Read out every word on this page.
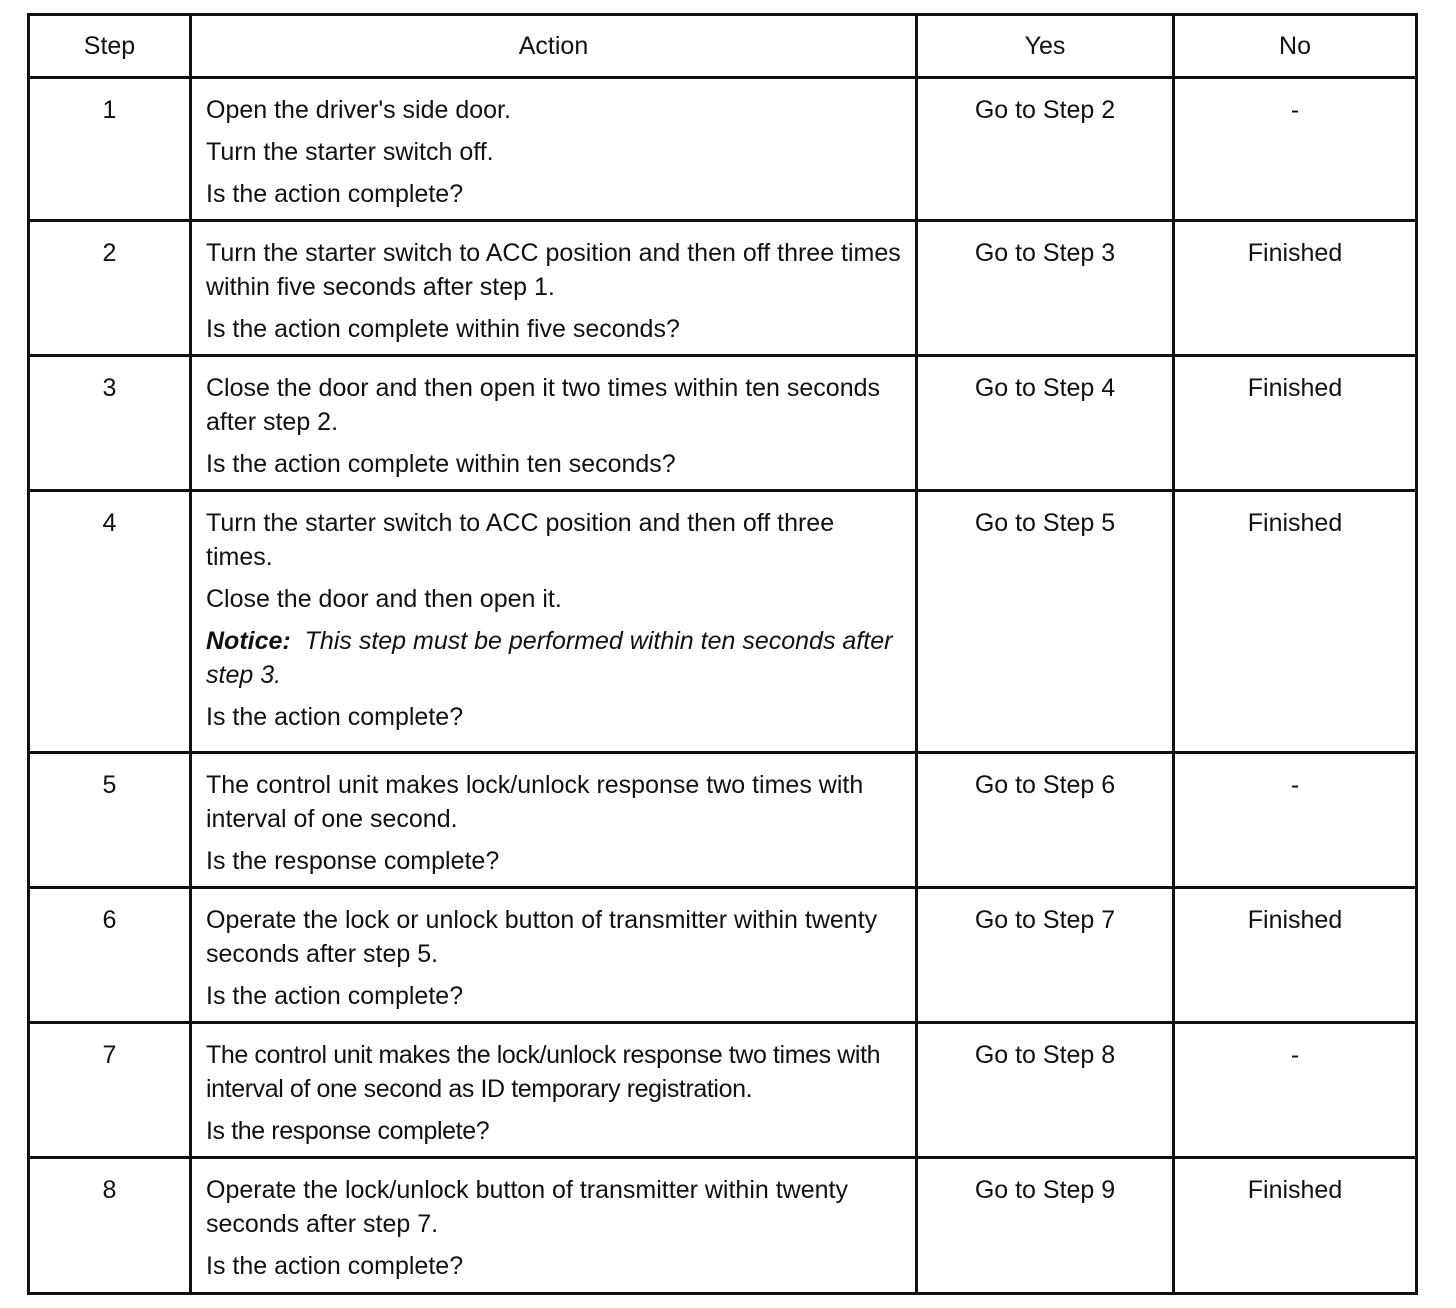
Step	Action	Yes	No
1	Open the driver's side door.
Turn the starter switch off.
Is the action complete?	Go to Step 2	-
2	Turn the starter switch to ACC position and then off three times within five seconds after step 1.
Is the action complete within five seconds?	Go to Step 3	Finished
3	Close the door and then open it two times within ten seconds after step 2.
Is the action complete within ten seconds?	Go to Step 4	Finished
4	Turn the starter switch to ACC position and then off three times.
Close the door and then open it.
Notice: This step must be performed within ten seconds after step 3.
Is the action complete?	Go to Step 5	Finished
5	The control unit makes lock/unlock response two times with interval of one second.
Is the response complete?	Go to Step 6	-
6	Operate the lock or unlock button of transmitter within twenty seconds after step 5.
Is the action complete?	Go to Step 7	Finished
7	The control unit makes the lock/unlock response two times with interval of one second as ID temporary registration.
Is the response complete?	Go to Step 8	-
8	Operate the lock/unlock button of transmitter within twenty seconds after step 7.
Is the action complete?	Go to Step 9	Finished
